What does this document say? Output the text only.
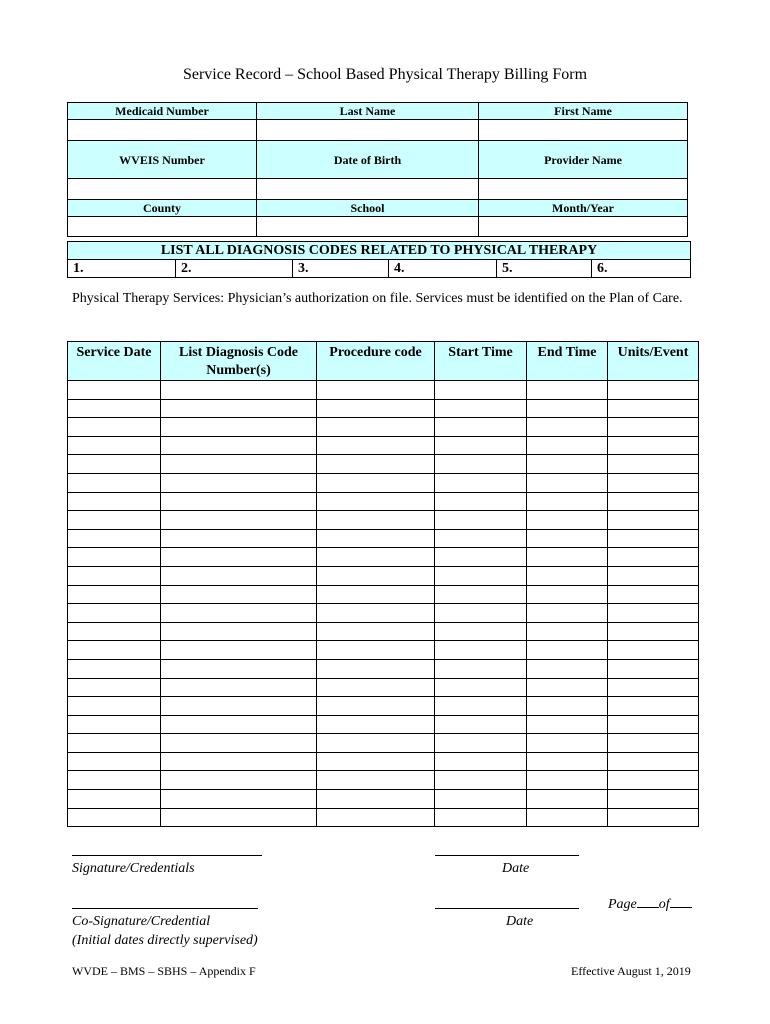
Service Record – School Based Physical Therapy Billing Form
Medicaid Number	Last Name	First Name

WVEIS Number	Date of Birth	Provider Name

County	School	Month/Year

LIST ALL DIAGNOSIS CODES RELATED TO PHYSICAL THERAPY
1.	2.	3.	4.	5.	6.
Physical Therapy Services: Physician’s authorization on file. Services must be identified on the Plan of Care.
Service Date	List Diagnosis Code Number(s)	Procedure code	Start Time	End Time	Units/Event

Signature/Credentials	Date
Co-Signature/Credential
(Initial dates directly supervised)
Date
Page of
WVDE – BMS – SBHS – Appendix F	Effective August 1, 2019
